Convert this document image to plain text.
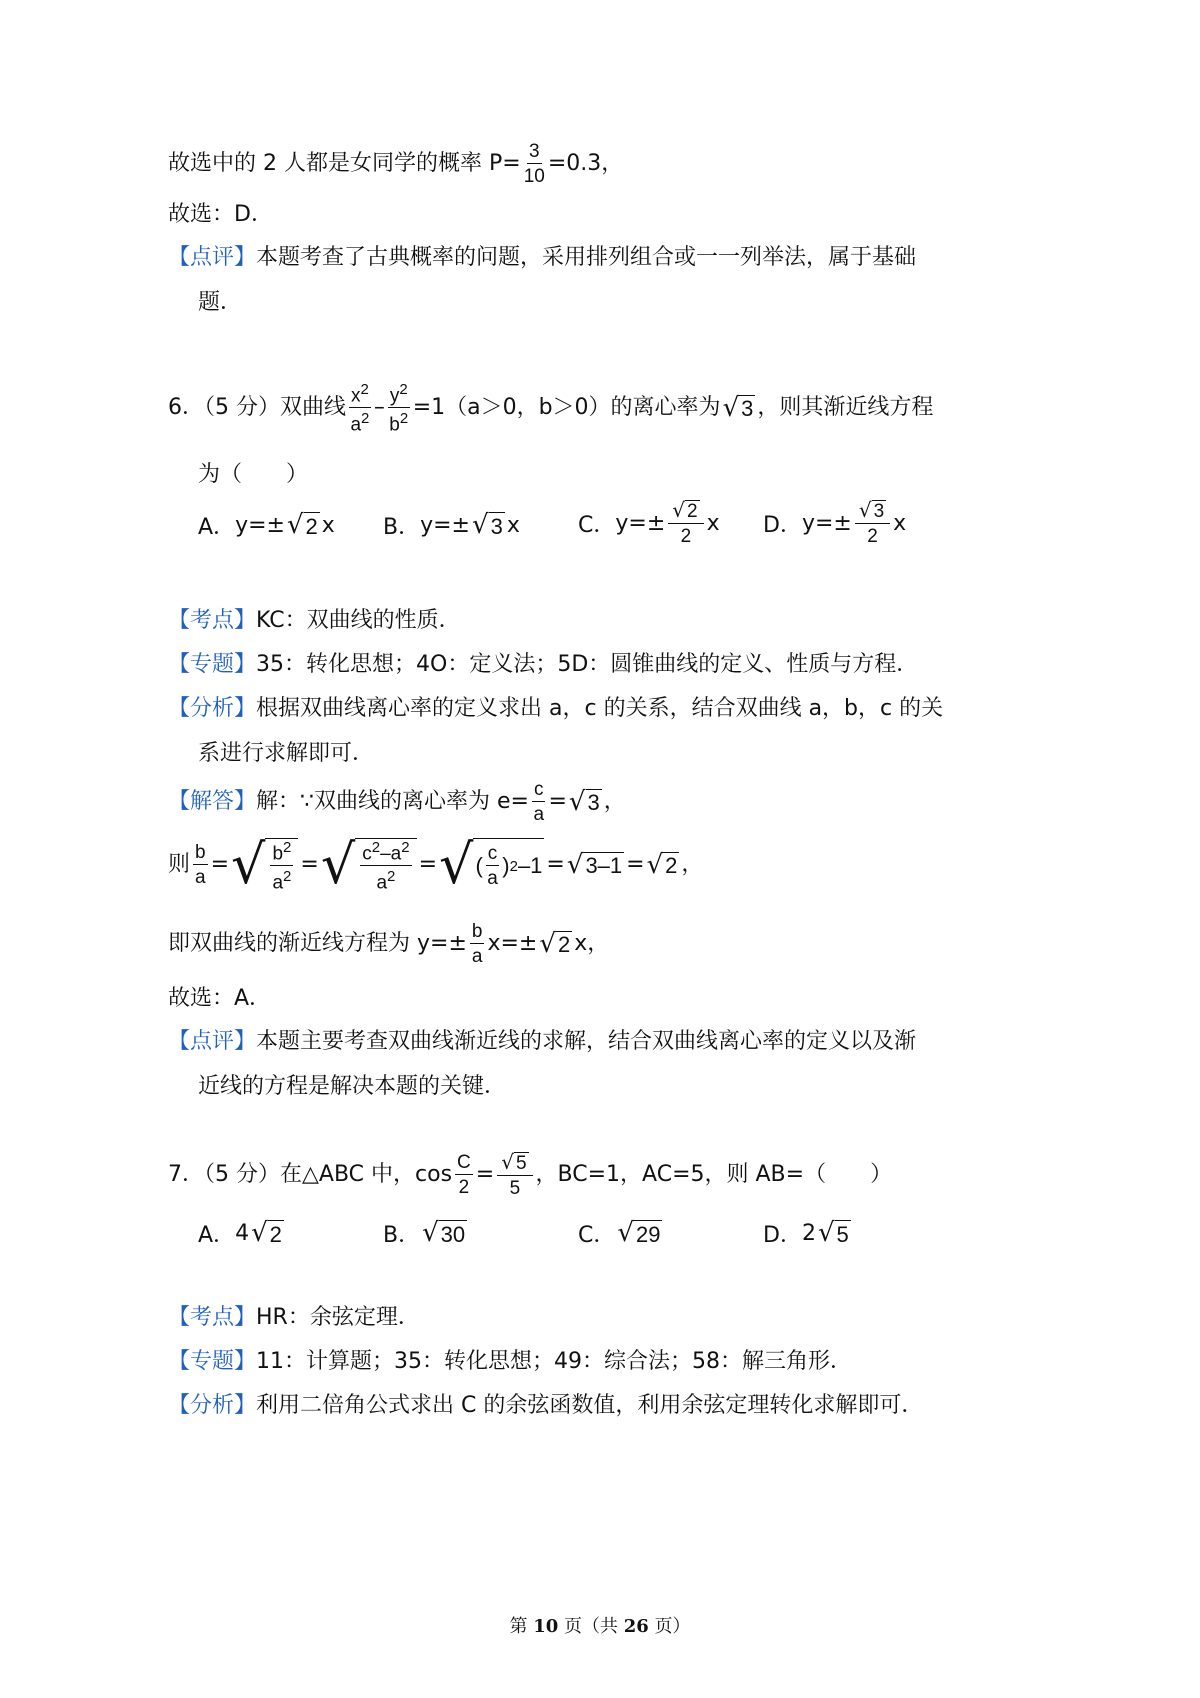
故选中的 2 人都是女同学的概率 $P= \frac{3}{10} =0.3$，
故选：D．
【点评】 本题考查了古典概率的问题，采用排列组合或一一列举法，属于基础
题．
6．（5 分）双曲线 $\frac{x^2}{a^2} - \frac{y^2}{b^2} =1(a>0$，b＞0）的离心率为 √ 3 ，则其渐近线方程
为（　　）
A． y=± √ 2 x B． y=± √ 3 x	C． $y=\pm \frac{√ 2}{2}$ x D． $y=\pm \frac{√ 3}{2}$ x
【考点】 KC：双曲线的性质．
【专题】 35：转化思想；4O：定义法；5D：圆锥曲线的定义、性质与方程．
【分析】 根据双曲线离心率的定义求出 a，c 的关系，结合双曲线 a，b，c 的关
系进行求解即可．
【解答】 解：∵双曲线的离心率为 $e= \frac{c}{a}$ = √ 3 ，
则 $\frac{b}{a}$ = √ $\frac{b^2}{a^2}$ = √ $\frac{c^2-a^2}{a^2}$ = √ ( $\frac{c}{a}$ ) 2 –1 = √ 3–1 = √ 2 ，
即双曲线的渐近线方程为 $y=\pm \frac{b}{a} x=\pm$ √ 2 x，
故选：A．
【点评】 本题主要考查双曲线渐近线的求解，结合双曲线离心率的定义以及渐
近线的方程是解决本题的关键．
7．（5 分）在△ABC 中，$\cos \frac{C}{2} = \frac{√ 5}{5}$ ，BC=1，AC=5，则 AB=（　　）
A． 4 √ 2	B． √ 30	C． √ 29	D． 2 √ 5
【考点】 HR：余弦定理．
【专题】 11：计算题；35：转化思想；49：综合法；58：解三角形．
【分析】 利用二倍角公式求出 C 的余弦函数值，利用余弦定理转化求解即可．
第 10 页（共 26 页）
